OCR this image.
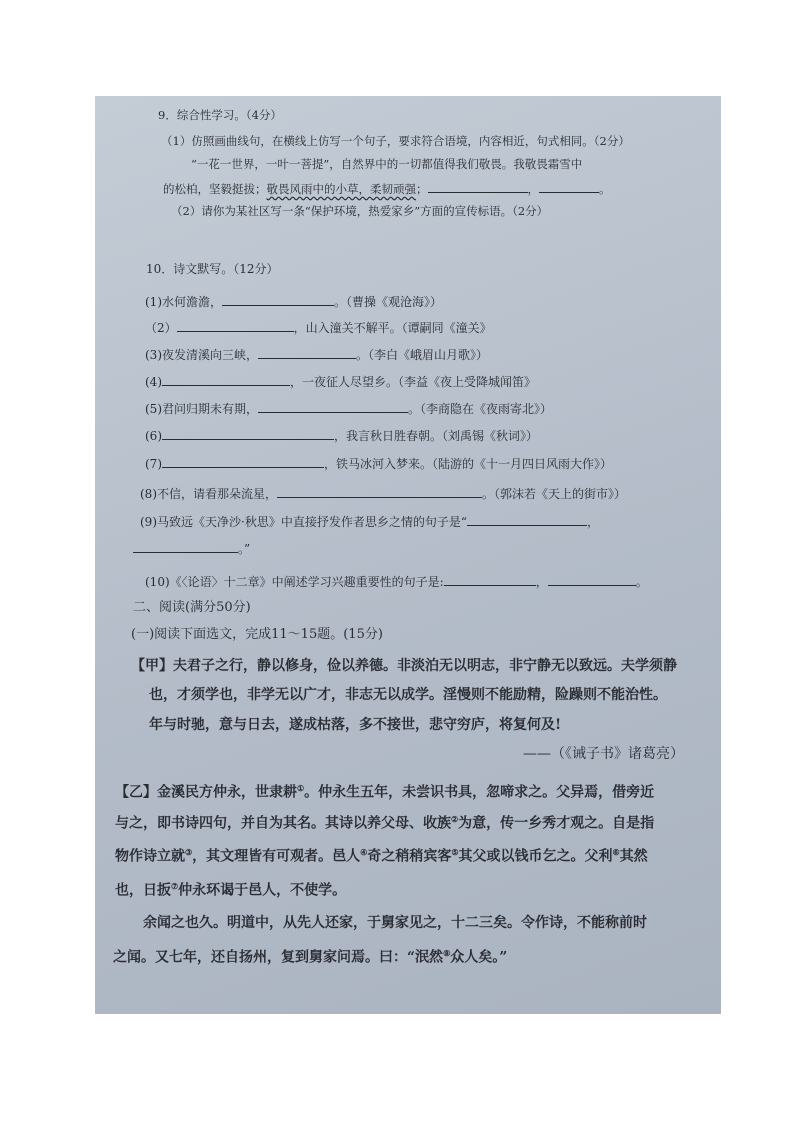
9．综合性学习。（4分）
（1）仿照画曲线句，在横线上仿写一个句子，要求符合语境，内容相近，句式相同。（2分）
“一花一世界，一叶一菩提”，自然界中的一切都值得我们敬畏。我敬畏霜雪中
的松柏，坚毅挺拔；敬畏风雨中的小草，柔韧顽强；	，	。
（2）请你为某社区写一条“保护环境，热爱家乡”方面的宣传标语。（2分）
10．诗文默写。（12分）
(1)水何澹澹，	。（曹操《观沧海》）
（2）	，山入潼关不解平。（谭嗣同《潼关》
(3)夜发清溪向三峡，	。（李白《峨眉山月歌》）
(4)	，一夜征人尽望乡。（李益《夜上受降城闻笛》
(5)君问归期未有期，	。（李商隐在《夜雨寄北》）
(6)	，我言秋日胜春朝。（刘禹锡《秋词》）
(7)	，铁马冰河入梦来。（陆游的《十一月四日风雨大作》）
(8)不信，请看那朵流星，	。（郭沫若《天上的街市》）
(9)马致远《天净沙·秋思》中直接抒发作者思乡之情的句子是“	，
。”
(10)《〈论语〉十二章》中阐述学习兴趣重要性的句子是:	，	。
二、阅读(满分50分)
(一)阅读下面选文，完成11～15题。(15分)
【甲】夫君子之行，静以修身，俭以养德。非淡泊无以明志，非宁静无以致远。夫学须静
也，才须学也，非学无以广才，非志无以成学。淫慢则不能励精，险躁则不能治性。
年与时驰，意与日去，遂成枯落，多不接世，悲守穷庐，将复何及!
——（《诫子书》诸葛亮）
【乙】金溪民方仲永，世隶耕①。仲永生五年，未尝识书具，忽啼求之。父异焉，借旁近
与之，即书诗四句，并自为其名。其诗以养父母、收族②为意，传一乡秀才观之。自是指
物作诗立就③，其文理皆有可观者。邑人④奇之稍稍宾客⑤其父或以钱币乞之。父利⑥其然
也，日扳⑦仲永环谒于邑人，不使学。
余闻之也久。明道中，从先人还家，于舅家见之，十二三矣。令作诗，不能称前时
之闻。又七年，还自扬州，复到舅家问焉。曰：“泯然⑧众人矣。”
